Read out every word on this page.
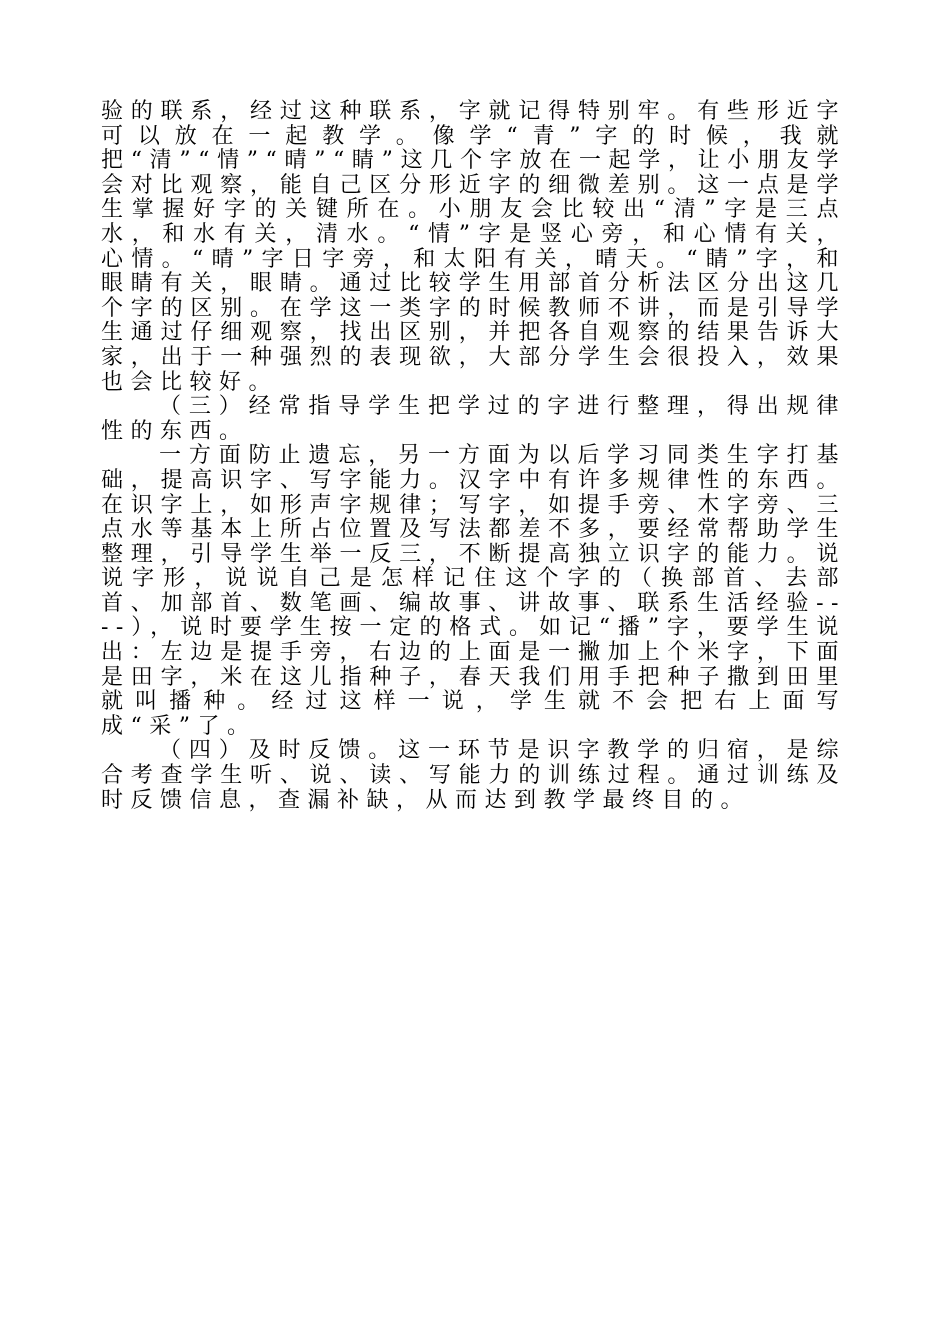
验的联系，经过这种联系，字就记得特别牢。有些形近字可以放在一起教学。像学“青”字的时候，我就把“清”“情”“晴”“睛”这几个字放在一起学，让小朋友学会对比观察，能自己区分形近字的细微差别。这一点是学生掌握好字的关键所在。小朋友会比较出“清”字是三点水，和水有关，清水。“情”字是竖心旁，和心情有关，心情。“晴”字日字旁，和太阳有关，晴天。“睛”字，和眼睛有关，眼睛。通过比较学生用部首分析法区分出这几个字的区别。在学这一类字的时候教师不讲，而是引导学生通过仔细观察，找出区别，并把各自观察的结果告诉大家，出于一种强烈的表现欲，大部分学生会很投入，效果也会比较好。

（三）经常指导学生把学过的字进行整理，得出规律性的东西。

一方面防止遗忘，另一方面为以后学习同类生字打基础，提高识字、写字能力。汉字中有许多规律性的东西。在识字上，如形声字规律；写字，如提手旁、木字旁、三点水等基本上所占位置及写法都差不多，要经常帮助学生整理，引导学生举一反三，不断提高独立识字的能力。说说字形，说说自己是怎样记住这个字的（换部首、去部首、加部首、数笔画、编故事、讲故事、联系生活经验----），说时要学生按一定的格式。如记“播”字，要学生说出：左边是提手旁，右边的上面是一撇加上个米字，下面是田字，米在这儿指种子，春天我们用手把种子撒到田里就叫播种。经过这样一说，学生就不会把右上面写成“采”了。

（四）及时反馈。这一环节是识字教学的归宿，是综合考查学生听、说、读、写能力的训练过程。通过训练及时反馈信息，查漏补缺，从而达到教学最终目的。
